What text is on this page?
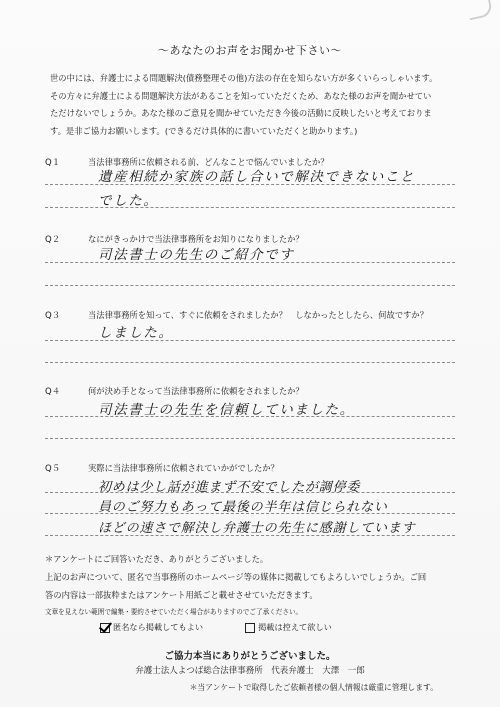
～あなたのお声をお聞かせ下さい～
世の中には、弁護士による問題解決(債務整理その他)方法の存在を知らない方が多くいらっしゃいます。
その方々に弁護士による問題解決方法があることを知っていただくため、あなた様のお声を聞かせてい
ただけないでしょうか。あなた様のご意見を聞かせていただき今後の活動に反映したいと考えておりま
す。是非ご協力お願いします。(できるだけ具体的に書いていただくと助かります。)
Q１	当法律事務所に依頼される前、どんなことで悩んでいましたか？
遺産相続か家族の話し合いで解決できないこと
でした。
Q２	なにがきっかけで当法律事務所をお知りになりましたか？
司法書士の先生のご紹介です
Q３	当法律事務所を知って、すぐに依頼をされましたか？　しなかったとしたら、何故ですか？
しました。
Q４	何が決め手となって当法律事務所に依頼をされましたか？
司法書士の先生を信頼していました。
Q５	実際に当法律事務所に依頼されていかがでしたか？
初めは少し話が進まず不安でしたが調停委
員のご努力もあって最後の半年は信じられない
ほどの速さで解決し弁護士の先生に感謝しています
＊アンケートにご回答いただき、ありがとうございました。
上記のお声について、匿名で当事務所のホームページ等の媒体に掲載してもよろしいでしょうか。ご回
答の内容は一部抜粋またはアンケート用紙ごと載せさせていただきます。
文章を見えない範囲で編集・要約させていただく場合がありますのでご了承ください。
匿名なら掲載してもよい	掲載は控えて欲しい
ご協力本当にありがとうございました。
弁護士法人よつば総合法律事務所　代表弁護士　大澤　一郎
＊当アンケートで取得したご依頼者様の個人情報は厳重に管理します。
